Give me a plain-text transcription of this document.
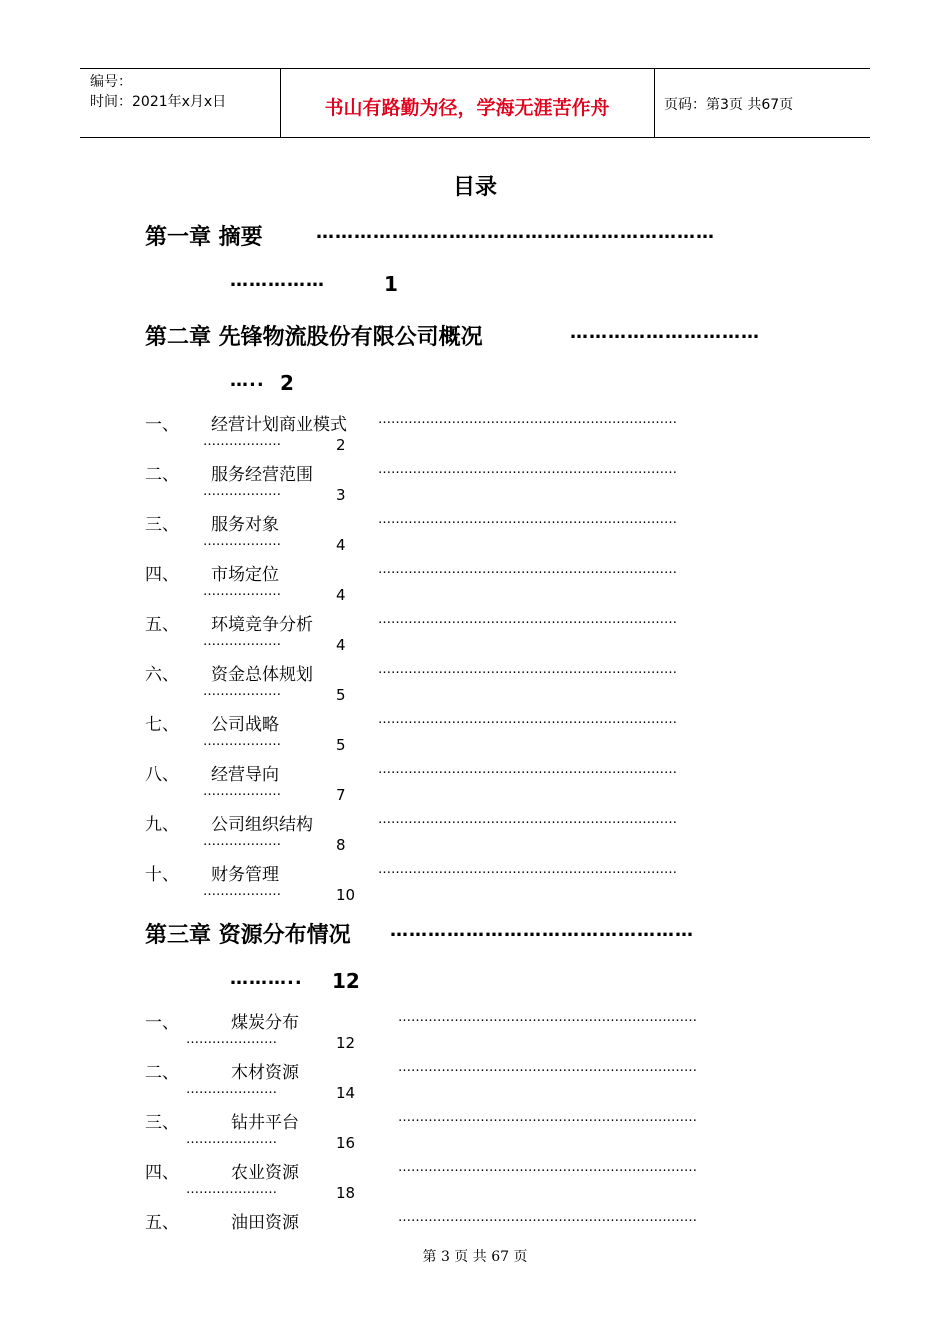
编号：
时间：2021年x月x日	书山有路勤为径，学海无涯苦作舟	页码：第3页 共67页
目录
第一章 摘要	………………………………………………………
……………	1
第二章 先锋物流股份有限公司概况	…………………………
….. 2
一、 经营计划商业模式 ……………………………………………………………
………………	2
二、 服务经营范围	……………………………………………………………
………………	3
三、 服务对象	……………………………………………………………
………………	4
四、 市场定位	……………………………………………………………
………………	4
五、 环境竞争分析	……………………………………………………………
………………	4
六、 资金总体规划	……………………………………………………………
………………	5
七、 公司战略	……………………………………………………………
………………	5
八、 经营导向	……………………………………………………………
………………	7
九、 公司组织结构	……………………………………………………………
………………	8
十、 财务管理	……………………………………………………………
………………	10
第三章 资源分布情况 …………………………………………
……….. 12
一、	煤炭分布	……………………………………………………………
…………………	12
二、	木材资源	……………………………………………………………
…………………	14
三、	钻井平台	……………………………………………………………
…………………	16
四、	农业资源	……………………………………………………………
…………………	18
五、	油田资源	……………………………………………………………
第 3 页 共 67 页
